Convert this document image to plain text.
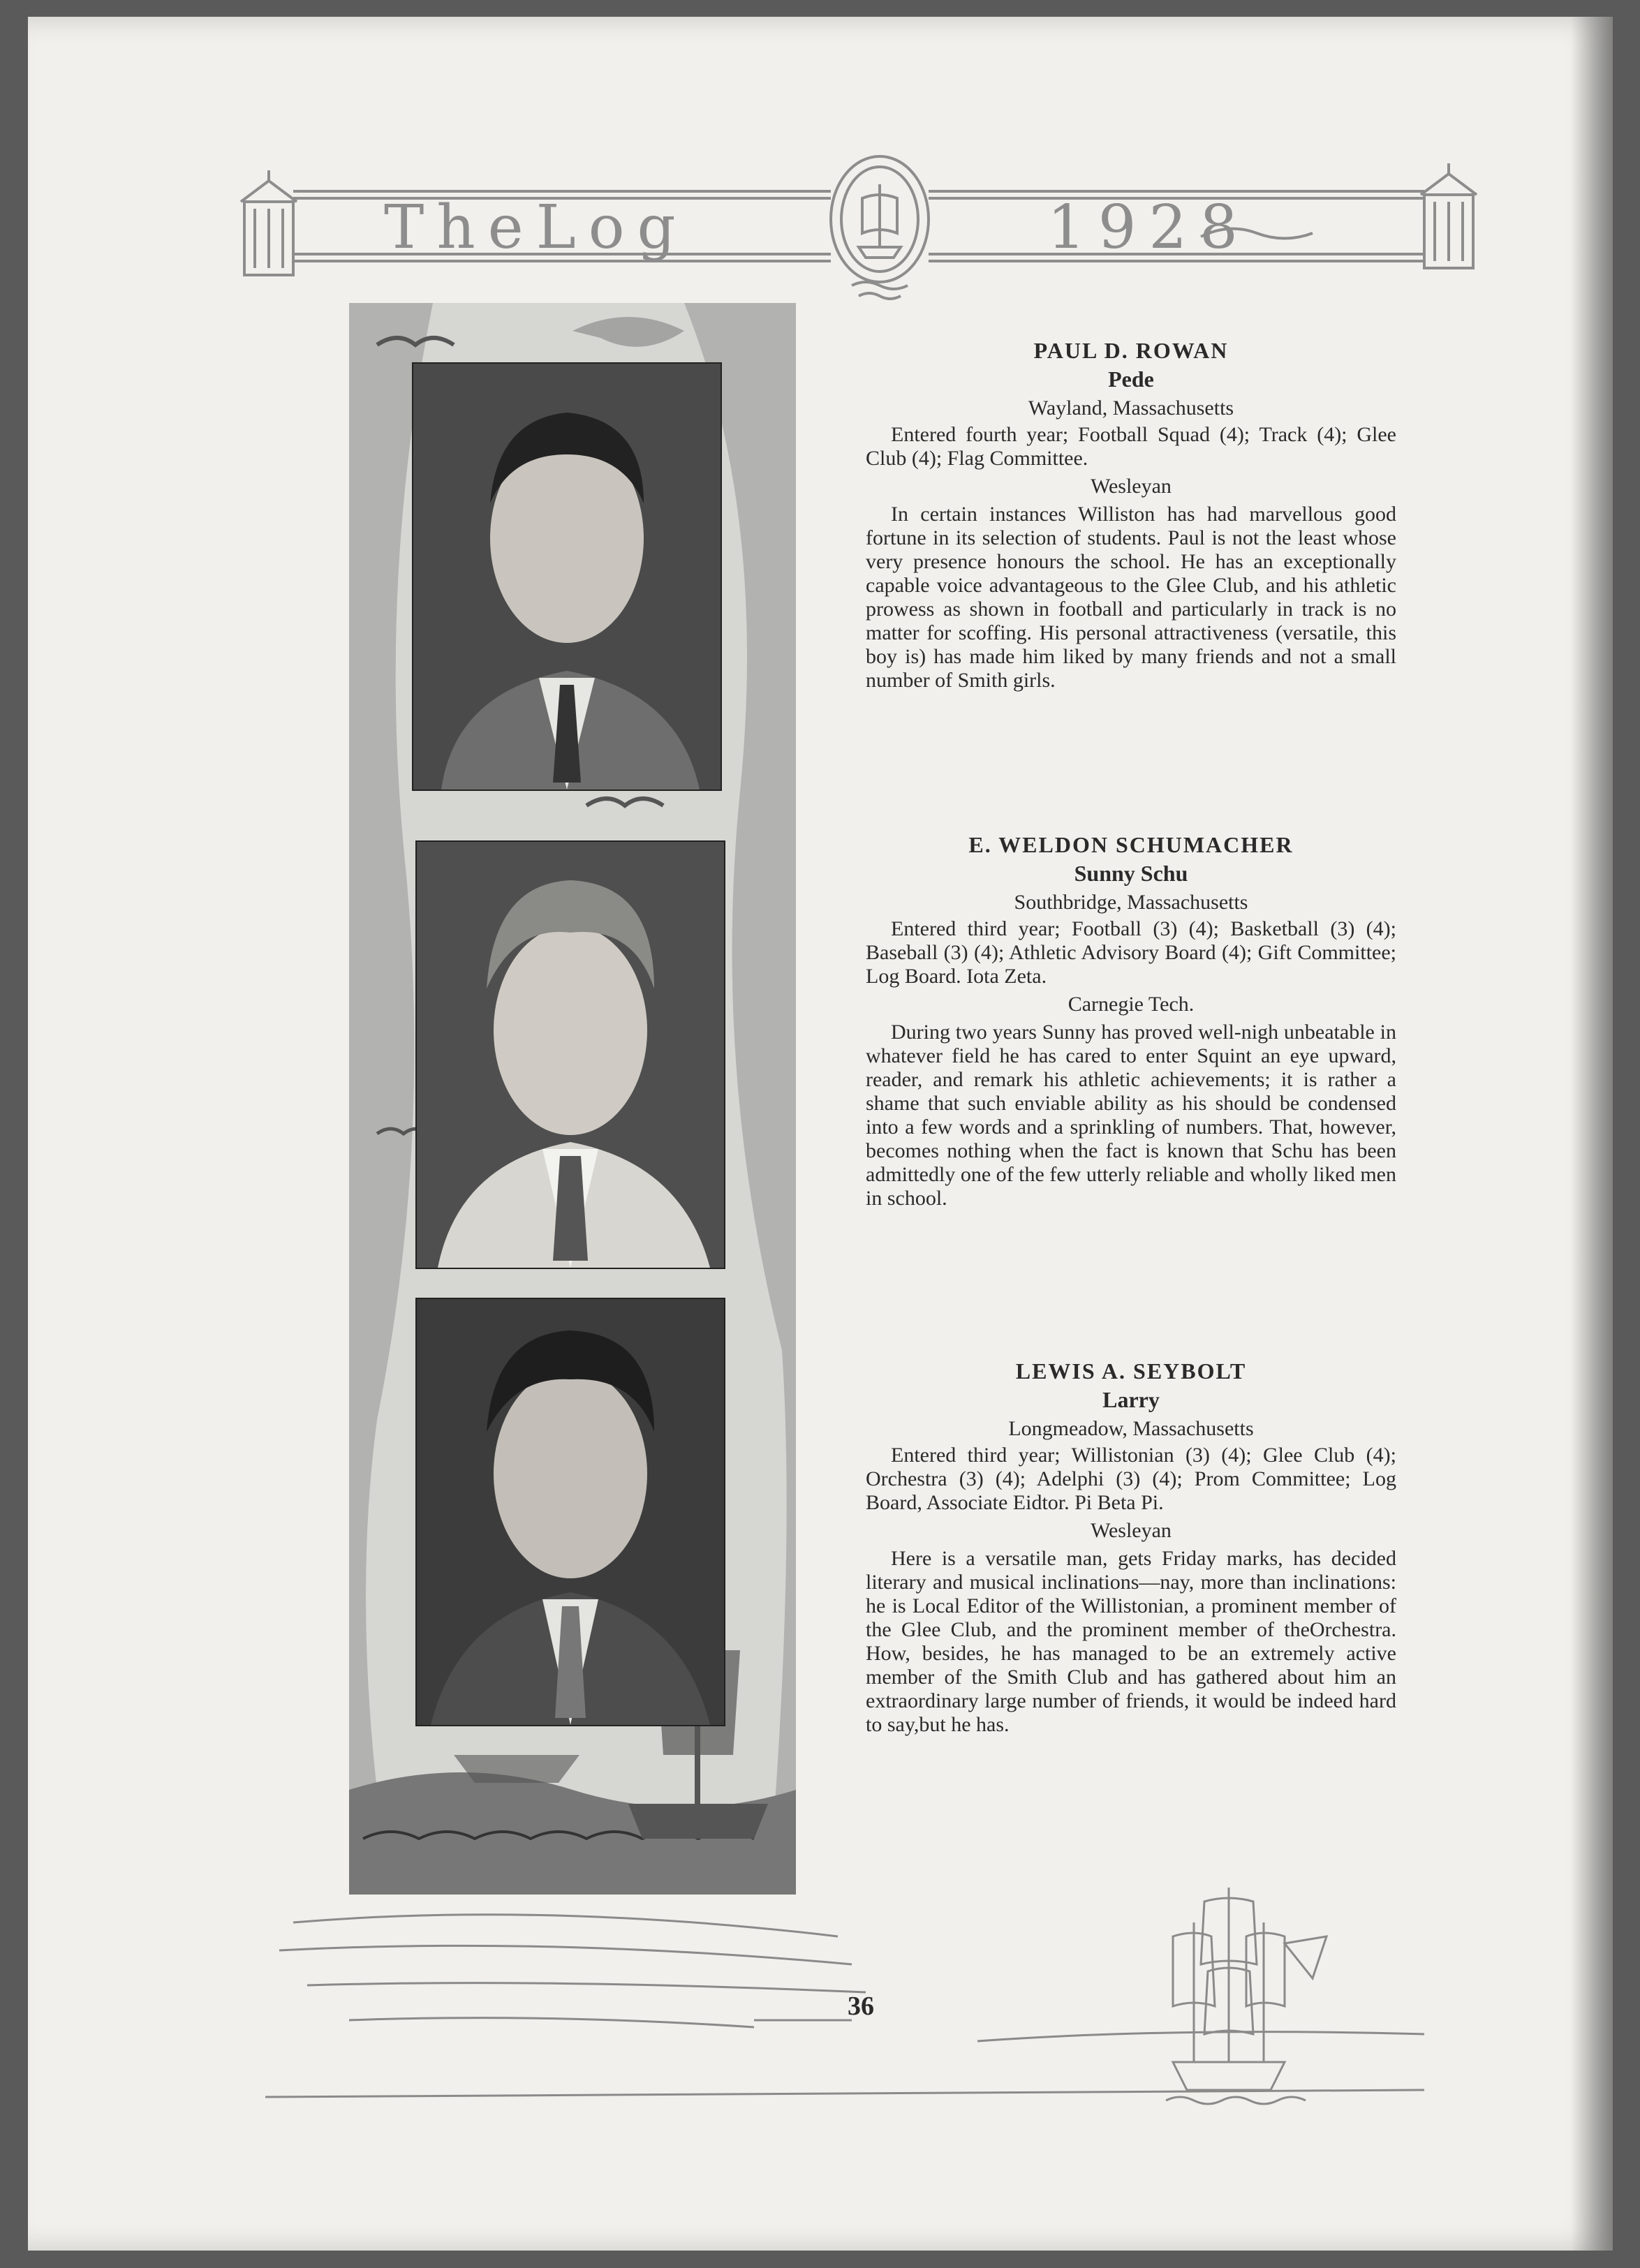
TheLog	1928
PAUL D. ROWAN
Pede
Wayland, Massachusetts
Entered fourth year; Football Squad (4); Track (4); Glee Club (4); Flag Committee.
Wesleyan
In certain instances Williston has had marvellous good fortune in its selection of students. Paul is not the least whose very presence honours the school. He has an exceptionally capable voice advantageous to the Glee Club, and his athletic prowess as shown in football and particularly in track is no matter for scoffing. His personal attractiveness (versatile, this boy is) has made him liked by many friends and not a small number of Smith girls.
E. WELDON SCHUMACHER
Sunny Schu
Southbridge, Massachusetts
Entered third year; Football (3) (4); Basketball (3) (4); Baseball (3) (4); Athletic Advisory Board (4); Gift Committee; Log Board. Iota Zeta.
Carnegie Tech.
During two years Sunny has proved well-nigh unbeatable in whatever field he has cared to enter Squint an eye upward, reader, and remark his athletic achievements; it is rather a shame that such enviable ability as his should be condensed into a few words and a sprinkling of numbers. That, however, becomes nothing when the fact is known that Schu has been admittedly one of the few utterly reliable and wholly liked men in school.
LEWIS A. SEYBOLT
Larry
Longmeadow, Massachusetts
Entered third year; Willistonian (3) (4); Glee Club (4); Orchestra (3) (4); Adelphi (3) (4); Prom Committee; Log Board, Associate Eidtor. Pi Beta Pi.
Wesleyan
Here is a versatile man, gets Friday marks, has decided literary and musical inclinations—nay, more than inclinations: he is Local Editor of the Willistonian, a prominent member of the Glee Club, and the prominent member of theOrchestra. How, besides, he has managed to be an extremely active member of the Smith Club and has gathered about him an extraordinary large number of friends, it would be indeed hard to say,but he has.
36
